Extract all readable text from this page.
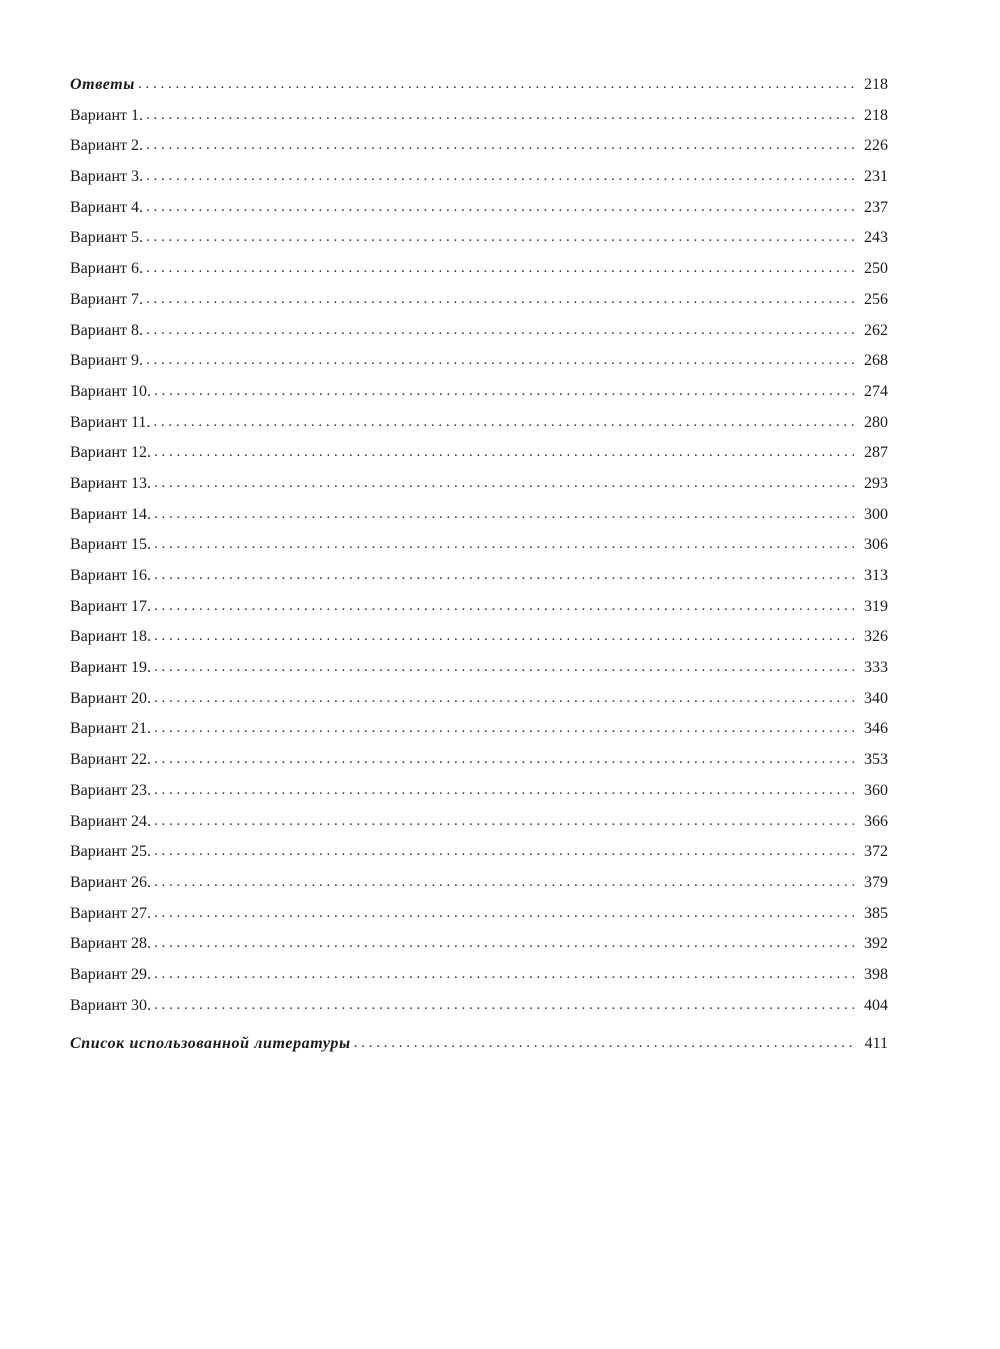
Ответы . . .	218
Вариант 1. . . .	218
Вариант 2. . . .	226
Вариант 3. . . .	231
Вариант 4. . . .	237
Вариант 5. . . .	243
Вариант 6. . . .	250
Вариант 7. . . .	256
Вариант 8. . . .	262
Вариант 9. . . .	268
Вариант 10. . . .	274
Вариант 11. . . .	280
Вариант 12. . . .	287
Вариант 13. . . .	293
Вариант 14. . . .	300
Вариант 15. . . .	306
Вариант 16. . . .	313
Вариант 17. . . .	319
Вариант 18. . . .	326
Вариант 19. . . .	333
Вариант 20. . . .	340
Вариант 21. . . .	346
Вариант 22. . . .	353
Вариант 23. . . .	360
Вариант 24. . . .	366
Вариант 25. . . .	372
Вариант 26. . . .	379
Вариант 27. . . .	385
Вариант 28. . . .	392
Вариант 29. . . .	398
Вариант 30. . . .	404
Список использованной литературы . . .	411
